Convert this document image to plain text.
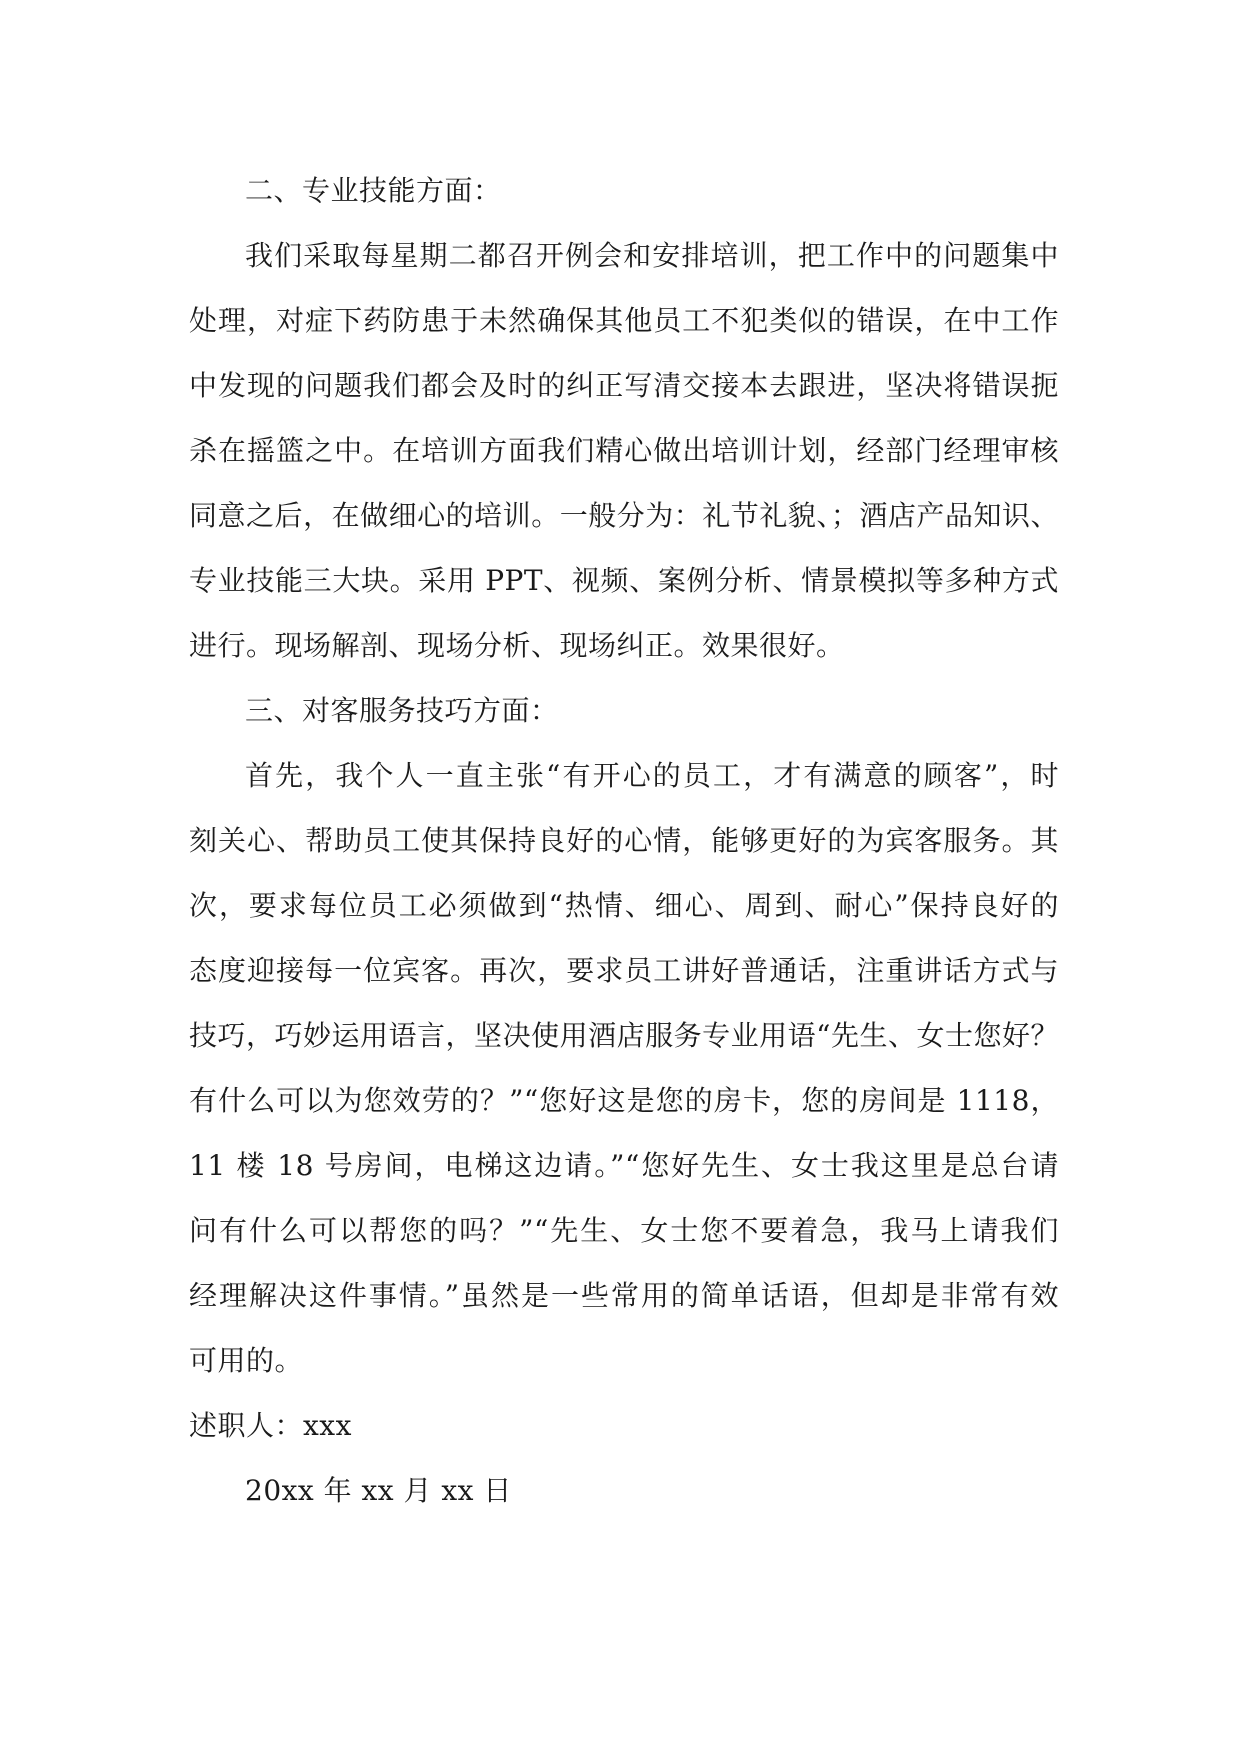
二、专业技能方面：
我们采取每星期二都召开例会和安排培训，把工作中的问题集中
处理，对症下药防患于未然确保其他员工不犯类似的错误，在中工作
中发现的问题我们都会及时的纠正写清交接本去跟进，坚决将错误扼
杀在摇篮之中。在培训方面我们精心做出培训计划，经部门经理审核
同意之后，在做细心的培训。一般分为：礼节礼貌、；酒店产品知识、
专业技能三大块。采用 PPT、视频、案例分析、情景模拟等多种方式
进行。现场解剖、现场分析、现场纠正。效果很好。
三、对客服务技巧方面：
首先，我个人一直主张“有开心的员工，才有满意的顾客”，时
刻关心、帮助员工使其保持良好的心情，能够更好的为宾客服务。其
次，要求每位员工必须做到“热情、细心、周到、耐心”保持良好的
态度迎接每一位宾客。再次，要求员工讲好普通话，注重讲话方式与
技巧，巧妙运用语言，坚决使用酒店服务专业用语“先生、女士您好？
有什么可以为您效劳的？”“您好这是您的房卡，您的房间是 1118，
11 楼 18 号房间，电梯这边请。”“您好先生、女士我这里是总台请
问有什么可以帮您的吗？”“先生、女士您不要着急，我马上请我们
经理解决这件事情。”虽然是一些常用的简单话语，但却是非常有效
可用的。
述职人：xxx
20xx 年 xx 月 xx 日
